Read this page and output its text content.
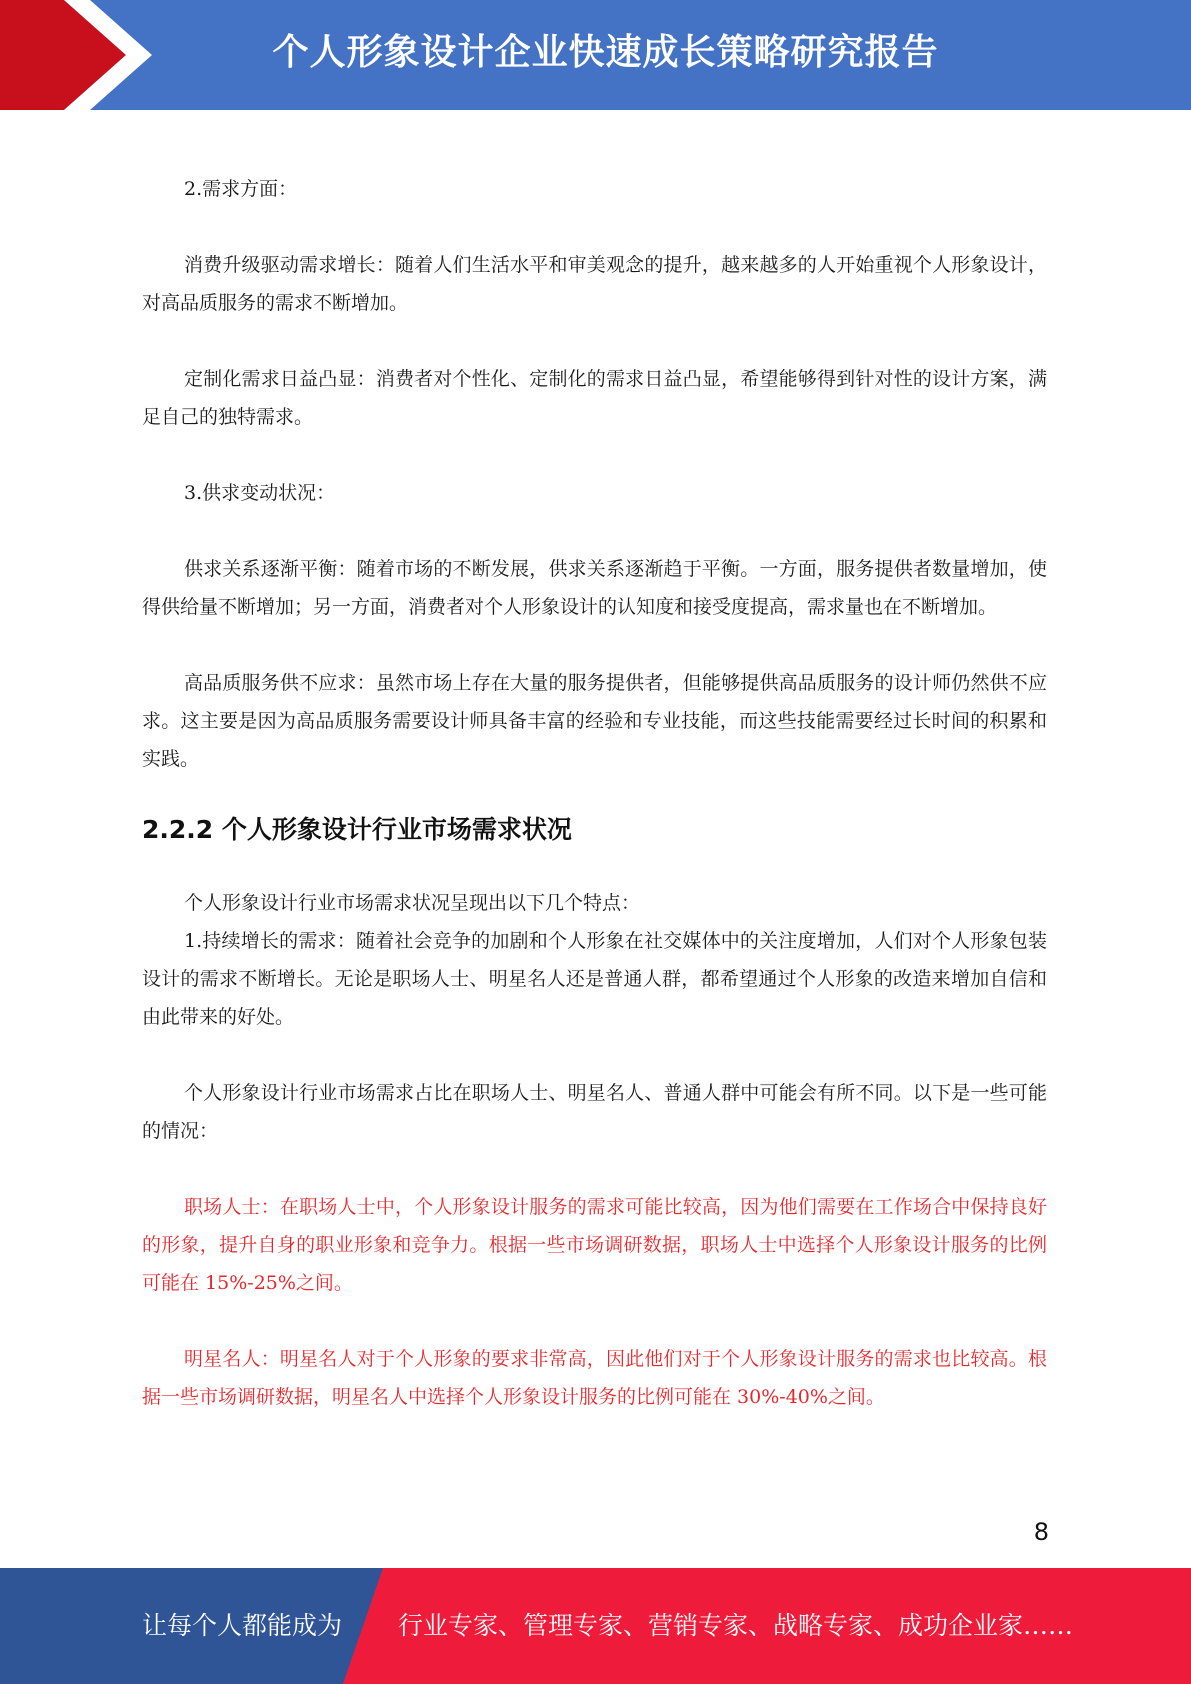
个人形象设计企业快速成长策略研究报告

2.需求方面：

消费升级驱动需求增长：随着人们生活水平和审美观念的提升，越来越多的人开始重视个人形象设计，对高品质服务的需求不断增加。

定制化需求日益凸显：消费者对个性化、定制化的需求日益凸显，希望能够得到针对性的设计方案，满足自己的独特需求。

3.供求变动状况：

供求关系逐渐平衡：随着市场的不断发展，供求关系逐渐趋于平衡。一方面，服务提供者数量增加，使得供给量不断增加；另一方面，消费者对个人形象设计的认知度和接受度提高，需求量也在不断增加。

高品质服务供不应求：虽然市场上存在大量的服务提供者，但能够提供高品质服务的设计师仍然供不应求。这主要是因为高品质服务需要设计师具备丰富的经验和专业技能，而这些技能需要经过长时间的积累和实践。

2.2.2 个人形象设计行业市场需求状况

个人形象设计行业市场需求状况呈现出以下几个特点：

1.持续增长的需求：随着社会竞争的加剧和个人形象在社交媒体中的关注度增加，人们对个人形象包装设计的需求不断增长。无论是职场人士、明星名人还是普通人群，都希望通过个人形象的改造来增加自信和由此带来的好处。

个人形象设计行业市场需求占比在职场人士、明星名人、普通人群中可能会有所不同。以下是一些可能的情况：

职场人士：在职场人士中，个人形象设计服务的需求可能比较高，因为他们需要在工作场合中保持良好的形象，提升自身的职业形象和竞争力。根据一些市场调研数据，职场人士中选择个人形象设计服务的比例可能在 15%-25%之间。

明星名人：明星名人对于个人形象的要求非常高，因此他们对于个人形象设计服务的需求也比较高。根据一些市场调研数据，明星名人中选择个人形象设计服务的比例可能在 30%-40%之间。

8
让每个人都能成为 行业专家、管理专家、营销专家、战略专家、成功企业家……
